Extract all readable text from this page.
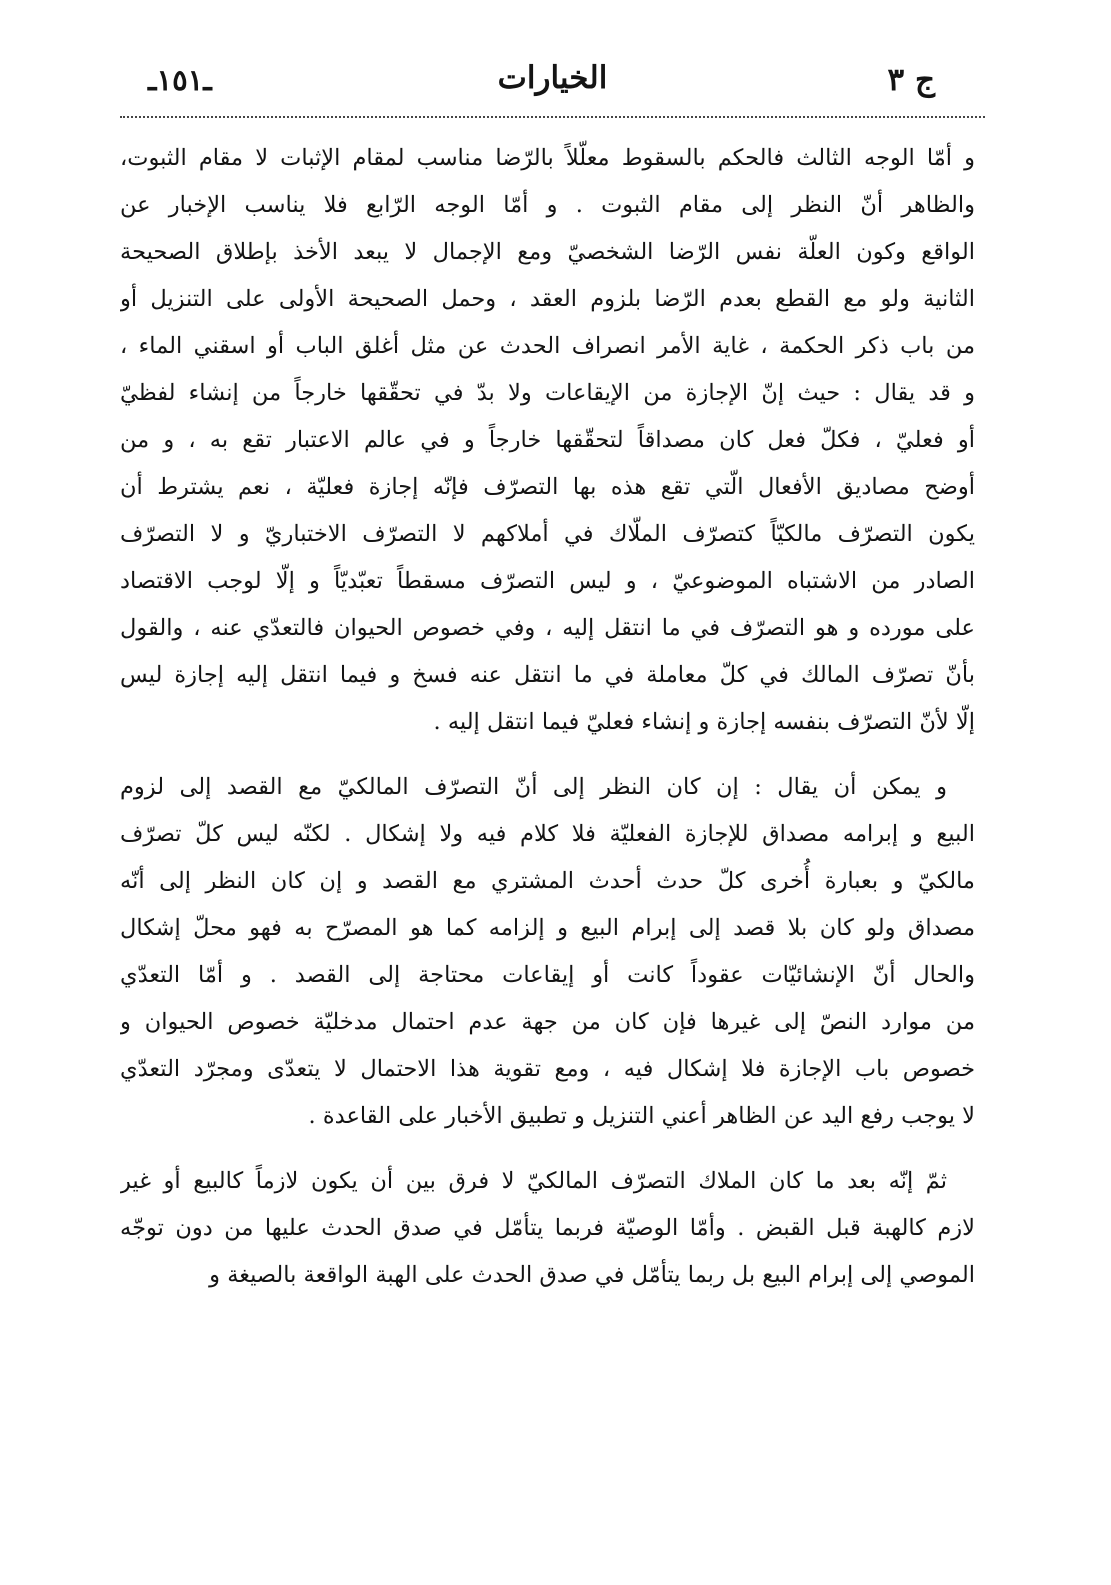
ج ٣
الخيارات
ـ١٥١ـ
و أمّا الوجه الثالث فالحكم بالسقوط معلّلاً بالرّضا مناسب لمقام الإثبات لا مقام الثبوت،
والظاهر أنّ النظر إلى مقام الثبوت . و أمّا الوجه الرّابع فلا يناسب الإخبار عن
الواقع وكون العلّة نفس الرّضا الشخصيّ ومع الإجمال لا يبعد الأخذ بإطلاق الصحيحة
الثانية ولو مع القطع بعدم الرّضا بلزوم العقد ، وحمل الصحيحة الأولى على التنزيل أو
من باب ذكر الحكمة ، غاية الأمر انصراف الحدث عن مثل أغلق الباب أو اسقني الماء ،
و قد يقال : حيث إنّ الإجازة من الإيقاعات ولا بدّ في تحقّقها خارجاً من إنشاء لفظيّ
أو فعليّ ، فكلّ فعل كان مصداقاً لتحقّقها خارجاً و في عالم الاعتبار تقع به ، و من
أوضح مصاديق الأفعال الّتي تقع هذه بها التصرّف فإنّه إجازة فعليّة ، نعم يشترط أن
يكون التصرّف مالكيّاً كتصرّف الملّاك في أملاكهم لا التصرّف الاختباريّ و لا التصرّف
الصادر من الاشتباه الموضوعيّ ، و ليس التصرّف مسقطاً تعبّديّاً و إلّا لوجب الاقتصاد
على مورده و هو التصرّف في ما انتقل إليه ، وفي خصوص الحيوان فالتعدّي عنه ، والقول
بأنّ تصرّف المالك في كلّ معاملة في ما انتقل عنه فسخ و فيما انتقل إليه إجازة ليس
إلّا لأنّ التصرّف بنفسه إجازة و إنشاء فعليّ فيما انتقل إليه .
و يمكن أن يقال : إن كان النظر إلى أنّ التصرّف المالكيّ مع القصد إلى لزوم
البيع و إبرامه مصداق للإجازة الفعليّة فلا كلام فيه ولا إشكال . لكنّه ليس كلّ تصرّف
مالكيّ و بعبارة أُخرى كلّ حدث أحدث المشتري مع القصد و إن كان النظر إلى أنّه
مصداق ولو كان بلا قصد إلى إبرام البيع و إلزامه كما هو المصرّح به فهو محلّ إشكال
والحال أنّ الإنشائيّات عقوداً كانت أو إيقاعات محتاجة إلى القصد . و أمّا التعدّي
من موارد النصّ إلى غيرها فإن كان من جهة عدم احتمال مدخليّة خصوص الحيوان و
خصوص باب الإجازة فلا إشكال فيه ، ومع تقوية هذا الاحتمال لا يتعدّى ومجرّد التعدّي
لا يوجب رفع اليد عن الظاهر أعني التنزيل و تطبيق الأخبار على القاعدة .
ثمّ إنّه بعد ما كان الملاك التصرّف المالكيّ لا فرق بين أن يكون لازماً كالبيع أو غير
لازم كالهبة قبل القبض . وأمّا الوصيّة فربما يتأمّل في صدق الحدث عليها من دون توجّه
الموصي إلى إبرام البيع بل ربما يتأمّل في صدق الحدث على الهبة الواقعة بالصيغة و
